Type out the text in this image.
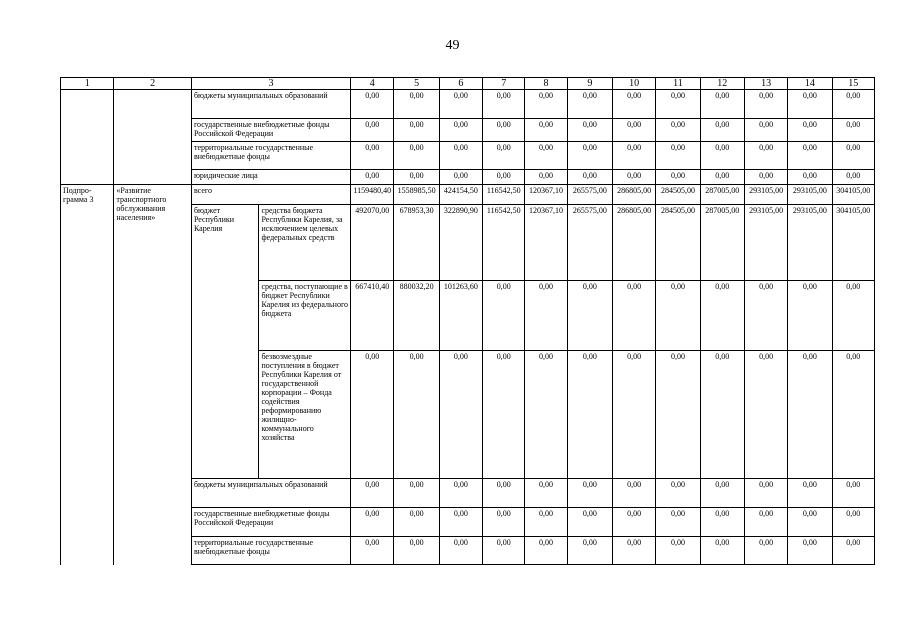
49
1	2	3		4	5	6	7	8	9	10	11	12	13	14	15
		бюджеты муниципальных образований		0,00	0,00	0,00	0,00	0,00	0,00	0,00	0,00	0,00	0,00	0,00	0,00
		государственные внебюджетные фонды Российской Федерации		0,00	0,00	0,00	0,00	0,00	0,00	0,00	0,00	0,00	0,00	0,00	0,00
		территориальные государственные внебюджетные фонды		0,00	0,00	0,00	0,00	0,00	0,00	0,00	0,00	0,00	0,00	0,00	0,00
		юридические лица		0,00	0,00	0,00	0,00	0,00	0,00	0,00	0,00	0,00	0,00	0,00	0,00
Подпро-грамма 3	«Развитие транспортного обслуживания населения»	всего		1159480,40	1558985,50	424154,50	116542,50	120367,10	265575,00	286805,00	284505,00	287005,00	293105,00	293105,00	304105,00
		бюджет Республики Карелия	средства бюджета Республики Карелия, за исключением целевых федеральных средств	492070,00	678953,30	322890,90	116542,50	120367,10	265575,00	286805,00	284505,00	287005,00	293105,00	293105,00	304105,00
			средства, поступающие в бюджет Республики Карелия из федерального бюджета	667410,40	880032,20	101263,60	0,00	0,00	0,00	0,00	0,00	0,00	0,00	0,00	0,00
			безвозмездные поступления в бюджет Республики Карелия от государственной корпорации – Фонда содействия реформированию жилищно-коммунального хозяйства	0,00	0,00	0,00	0,00	0,00	0,00	0,00	0,00	0,00	0,00	0,00	0,00
		бюджеты муниципальных образований		0,00	0,00	0,00	0,00	0,00	0,00	0,00	0,00	0,00	0,00	0,00	0,00
		государственные внебюджетные фонды Российской Федерации		0,00	0,00	0,00	0,00	0,00	0,00	0,00	0,00	0,00	0,00	0,00	0,00
		территориальные государственные внебюджетные фонды		0,00	0,00	0,00	0,00	0,00	0,00	0,00	0,00	0,00	0,00	0,00	0,00
